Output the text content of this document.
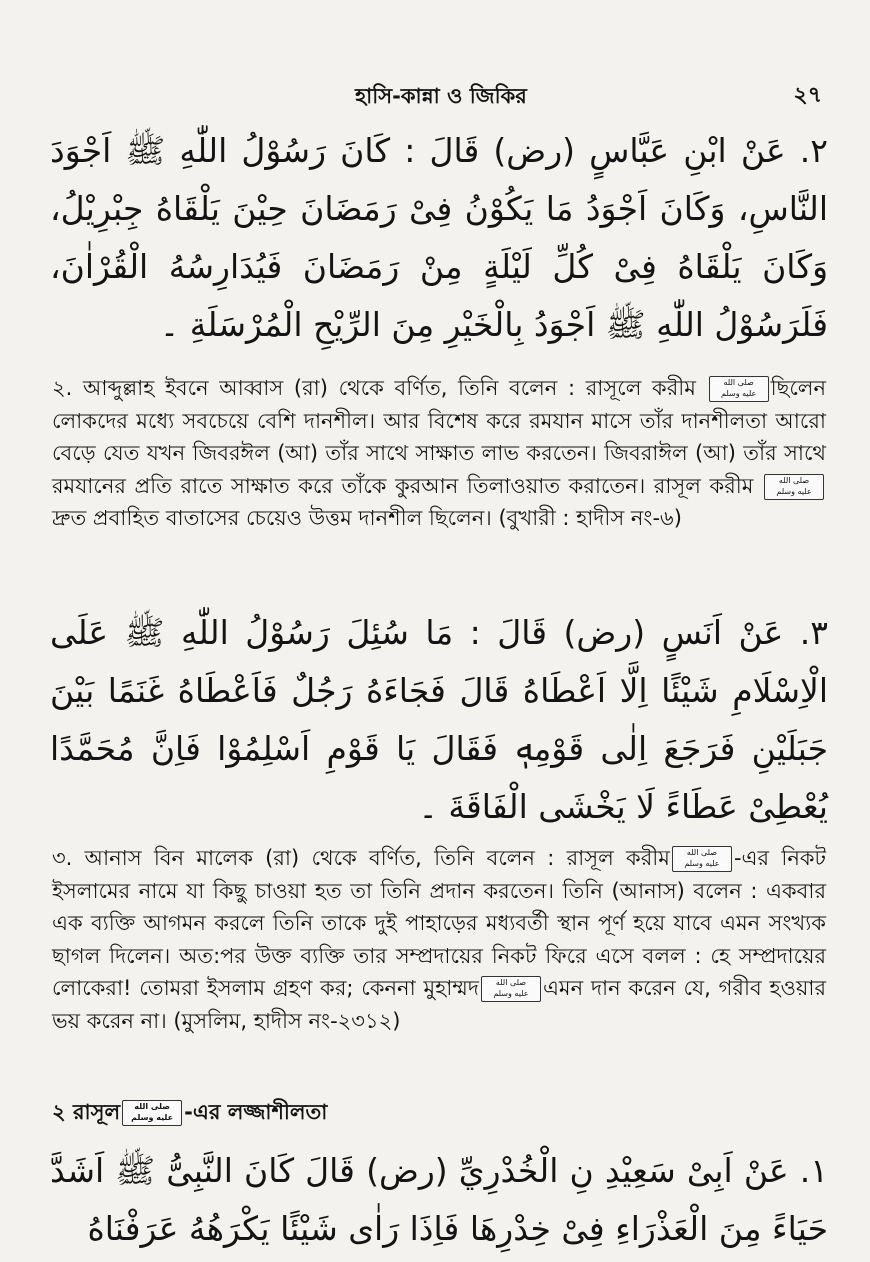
হাসি-কান্না ও জিকির	২৭
٢. عَنْ ابْنِ عَبَّاسٍ (رض) قَالَ : كَانَ رَسُوْلُ اللّٰهِ ﷺ اَجْوَدَ النَّاسِ، وَكَانَ اَجْوَدُ مَا يَكُوْنُ فِىْ رَمَضَانَ حِيْنَ يَلْقَاهُ جِبْرِيْلُ، وَكَانَ يَلْقَاهُ فِىْ كُلِّ لَيْلَةٍ مِنْ رَمَضَانَ فَيُدَارِسُهُ الْقُرْاٰنَ، فَلَرَسُوْلُ اللّٰهِ ﷺ اَجْوَدُ بِالْخَيْرِ مِنَ الرِّيْحِ الْمُرْسَلَةِ ۔
২. আব্দুল্লাহ ইবনে আব্বাস (রা) থেকে বর্ণিত, তিনি বলেন : রাসূলে করীম	صلى الله
عليه وسلم ছিলেন লোকদের মধ্যে সবচেয়ে বেশি দানশীল। আর বিশেষ করে রমযান মাসে তাঁর দানশীলতা আরো বেড়ে যেত যখন জিবরঈল (আ) তাঁর সাথে সাক্ষাত লাভ করতেন। জিবরাঈল (আ) তাঁর সাথে রমযানের প্রতি রাতে সাক্ষাত করে তাঁকে কুরআন তিলাওয়াত করাতেন। রাসূল করীম	صلى الله
عليه وسلمদ্রুত প্রবাহিত বাতাসের চেয়েও উত্তম দানশীল ছিলেন। (বুখারী : হাদীস নং-৬)
٣. عَنْ اَنَسٍ (رض) قَالَ : مَا سُئِلَ رَسُوْلُ اللّٰهِ ﷺ عَلَى الْاِسْلَامِ شَيْئًا اِلَّا اَعْطَاهُ قَالَ فَجَاءَهُ رَجُلٌ فَاَعْطَاهُ غَنَمًا بَيْنَ جَبَلَيْنِ فَرَجَعَ اِلٰى قَوْمِهٖ فَقَالَ يَا قَوْمِ اَسْلِمُوْا فَاِنَّ مُحَمَّدًا يُعْطِىْ عَطَاءً لَا يَخْشَى الْفَاقَةَ ۔
৩. আনাস বিন মালেক (রা) থেকে বর্ণিত, তিনি বলেন : রাসূল করীম صلى الله
عليه وسلم -এর নিকট ইসলামের নামে যা কিছু চাওয়া হত তা তিনি প্রদান করতেন। তিনি (আনাস) বলেন : একবার এক ব্যক্তি আগমন করলে তিনি তাকে দুই পাহাড়ের মধ্যবর্তী স্থান পূর্ণ হয়ে যাবে এমন সংখ্যক ছাগল দিলেন। অত:পর উক্ত ব্যক্তি তার সম্প্রদায়ের নিকট ফিরে এসে বলল : হে সম্প্রদায়ের লোকেরা! তোমরা ইসলাম গ্রহণ কর; কেননা মুহাম্মদ صلى الله
عليه وسلم এমন দান করেন যে, গরীব হওয়ার ভয় করেন না। (মুসলিম, হাদীস নং-২৩১২)
২ রাসূল صلى الله
عليه وسلم -এর লজ্জাশীলতা
١. عَنْ اَبِىْ سَعِيْدِ نِ الْخُدْرِيِّ (رض) قَالَ كَانَ النَّبِىُّ ﷺ اَشَدَّ حَيَاءً مِنَ الْعَذْرَاءِ فِىْ خِدْرِهَا فَاِذَا رَاٰى شَيْئًا يَكْرَهُهُ عَرَفْنَاهُ
